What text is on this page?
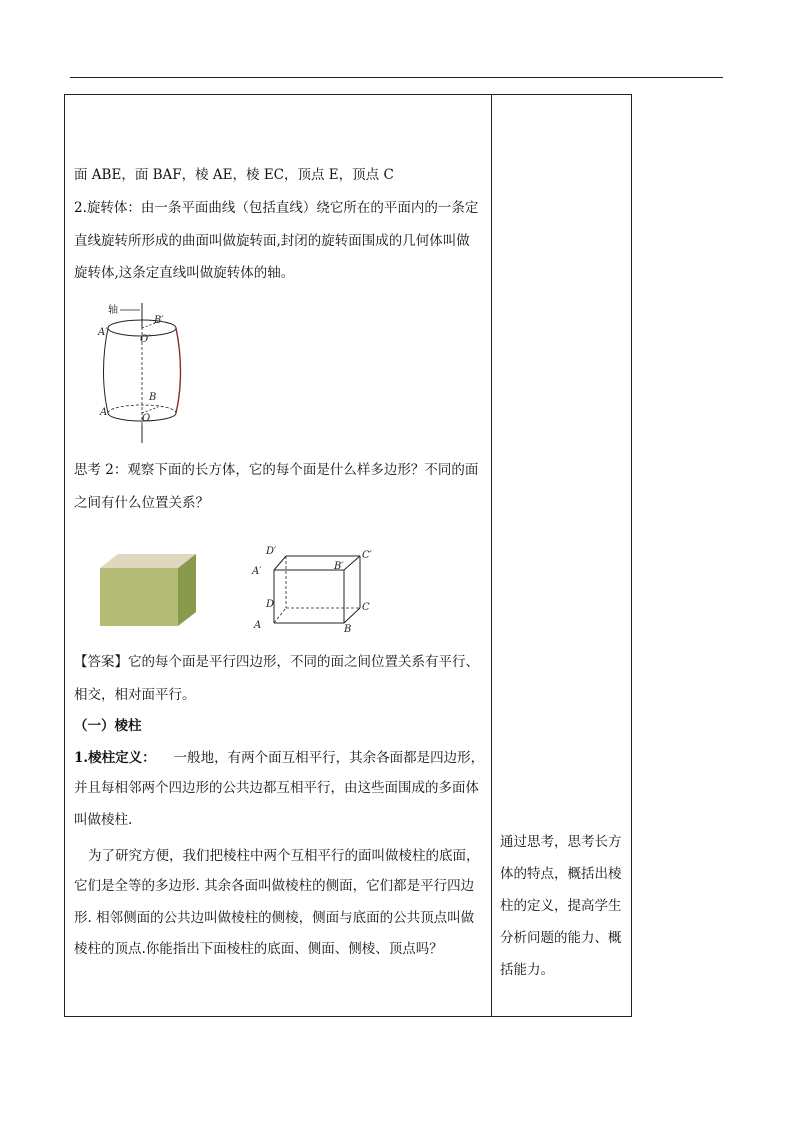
面 ABE，面 BAF，棱 AE，棱 EC，顶点 E，顶点 C
2.旋转体：由一条平面曲线（包括直线）绕它所在的平面内的一条定
直线旋转所形成的曲面叫做旋转面,封闭的旋转面围成的几何体叫做
旋转体,这条定直线叫做旋转体的轴。
轴
A′
B′
O′
A
B
O
思考 2：观察下面的长方体，它的每个面是什么样多边形？不同的面
之间有什么位置关系？
D′	C′
A′	B′
D	C
A	B
【答案】它的每个面是平行四边形，不同的面之间位置关系有平行、
相交，相对面平行。
（一）棱柱
1.棱柱定义： 一般地，有两个面互相平行，其余各面都是四边形，
并且每相邻两个四边形的公共边都互相平行，由这些面围成的多面体
叫做棱柱.
为了研究方便，我们把棱柱中两个互相平行的面叫做棱柱的底面，
它们是全等的多边形. 其余各面叫做棱柱的侧面，它们都是平行四边
形. 相邻侧面的公共边叫做棱柱的侧棱，侧面与底面的公共顶点叫做
棱柱的顶点.你能指出下面棱柱的底面、侧面、侧棱、顶点吗？
通过思考，思考长方
体的特点，概括出棱
柱的定义，提高学生
分析问题的能力、概
括能力。
